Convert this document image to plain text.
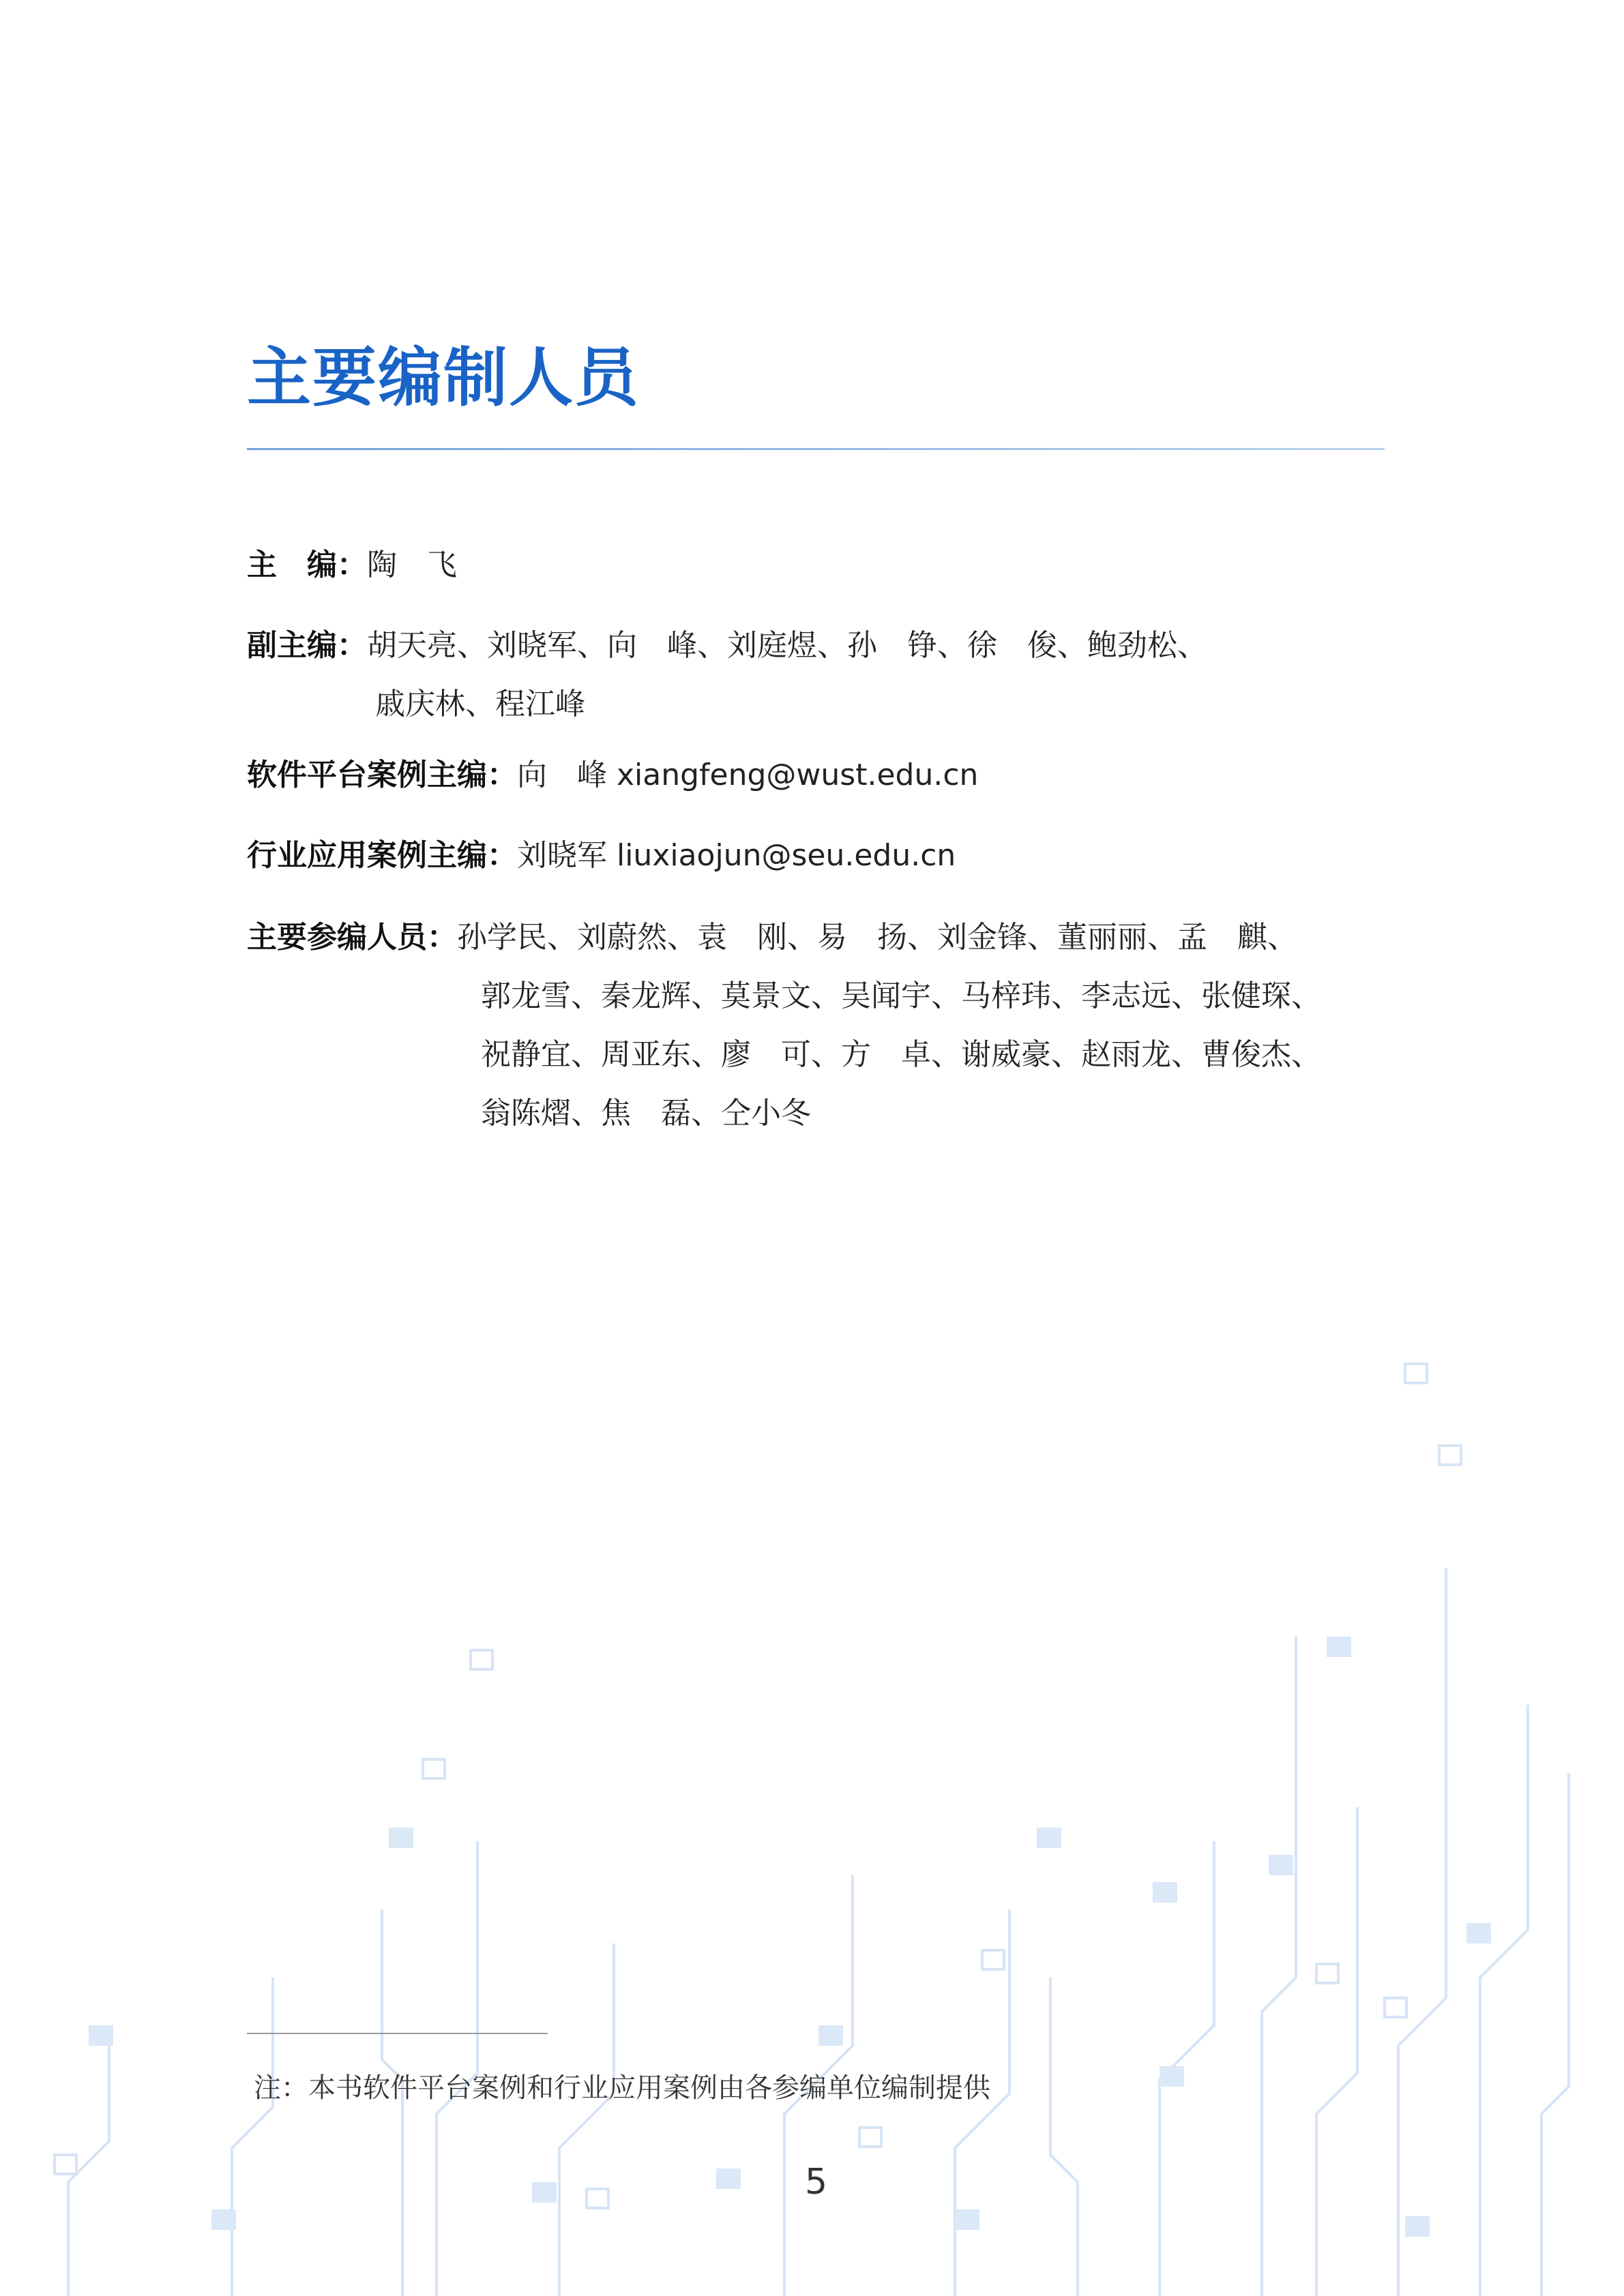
主要编制人员
主　编：陶　飞
副主编：胡天亮、刘晓军、向　峰、刘庭煜、孙　铮、徐　俊、鲍劲松、
戚庆林、程江峰
软件平台案例主编：向　峰 xiangfeng@wust.edu.cn
行业应用案例主编：刘晓军 liuxiaojun@seu.edu.cn
主要参编人员：孙学民、刘蔚然、袁　刚、易　扬、刘金锋、董丽丽、孟　麒、
郭龙雪、秦龙辉、莫景文、吴闻宇、马梓玮、李志远、张健琛、
祝静宜、周亚东、廖　可、方　卓、谢威豪、赵雨龙、曹俊杰、
翁陈熠、焦　磊、仝小冬
注：本书软件平台案例和行业应用案例由各参编单位编制提供
5
